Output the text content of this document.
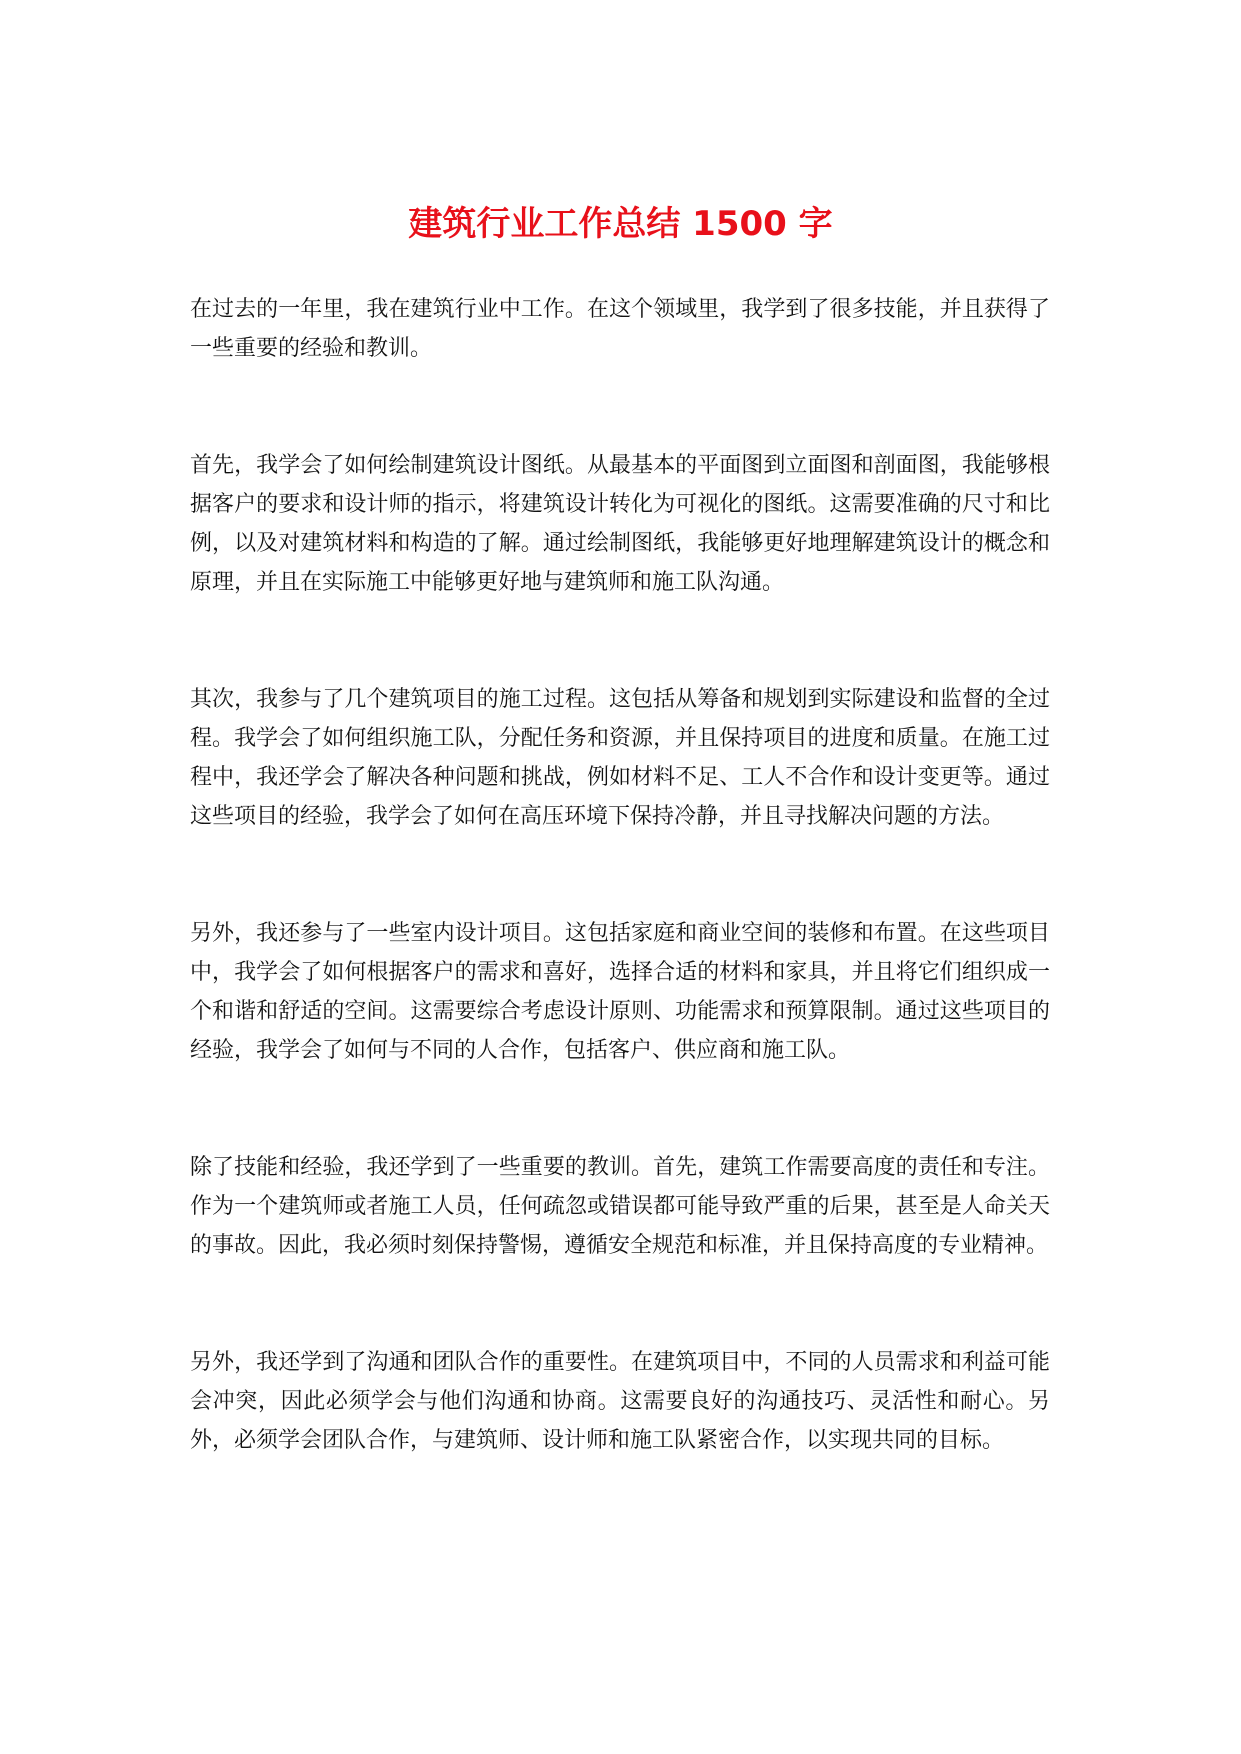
建筑行业工作总结 1500 字

在过去的一年里，我在建筑行业中工作。在这个领域里，我学到了很多技能，并且获得了一些重要的经验和教训。

首先，我学会了如何绘制建筑设计图纸。从最基本的平面图到立面图和剖面图，我能够根据客户的要求和设计师的指示，将建筑设计转化为可视化的图纸。这需要准确的尺寸和比例，以及对建筑材料和构造的了解。通过绘制图纸，我能够更好地理解建筑设计的概念和原理，并且在实际施工中能够更好地与建筑师和施工队沟通。

其次，我参与了几个建筑项目的施工过程。这包括从筹备和规划到实际建设和监督的全过程。我学会了如何组织施工队，分配任务和资源，并且保持项目的进度和质量。在施工过程中，我还学会了解决各种问题和挑战，例如材料不足、工人不合作和设计变更等。通过这些项目的经验，我学会了如何在高压环境下保持冷静，并且寻找解决问题的方法。

另外，我还参与了一些室内设计项目。这包括家庭和商业空间的装修和布置。在这些项目中，我学会了如何根据客户的需求和喜好，选择合适的材料和家具，并且将它们组织成一个和谐和舒适的空间。这需要综合考虑设计原则、功能需求和预算限制。通过这些项目的经验，我学会了如何与不同的人合作，包括客户、供应商和施工队。

除了技能和经验，我还学到了一些重要的教训。首先，建筑工作需要高度的责任和专注。作为一个建筑师或者施工人员，任何疏忽或错误都可能导致严重的后果，甚至是人命关天的事故。因此，我必须时刻保持警惕，遵循安全规范和标准，并且保持高度的专业精神。

另外，我还学到了沟通和团队合作的重要性。在建筑项目中，不同的人员需求和利益可能会冲突，因此必须学会与他们沟通和协商。这需要良好的沟通技巧、灵活性和耐心。另外，必须学会团队合作，与建筑师、设计师和施工队紧密合作，以实现共同的目标。
